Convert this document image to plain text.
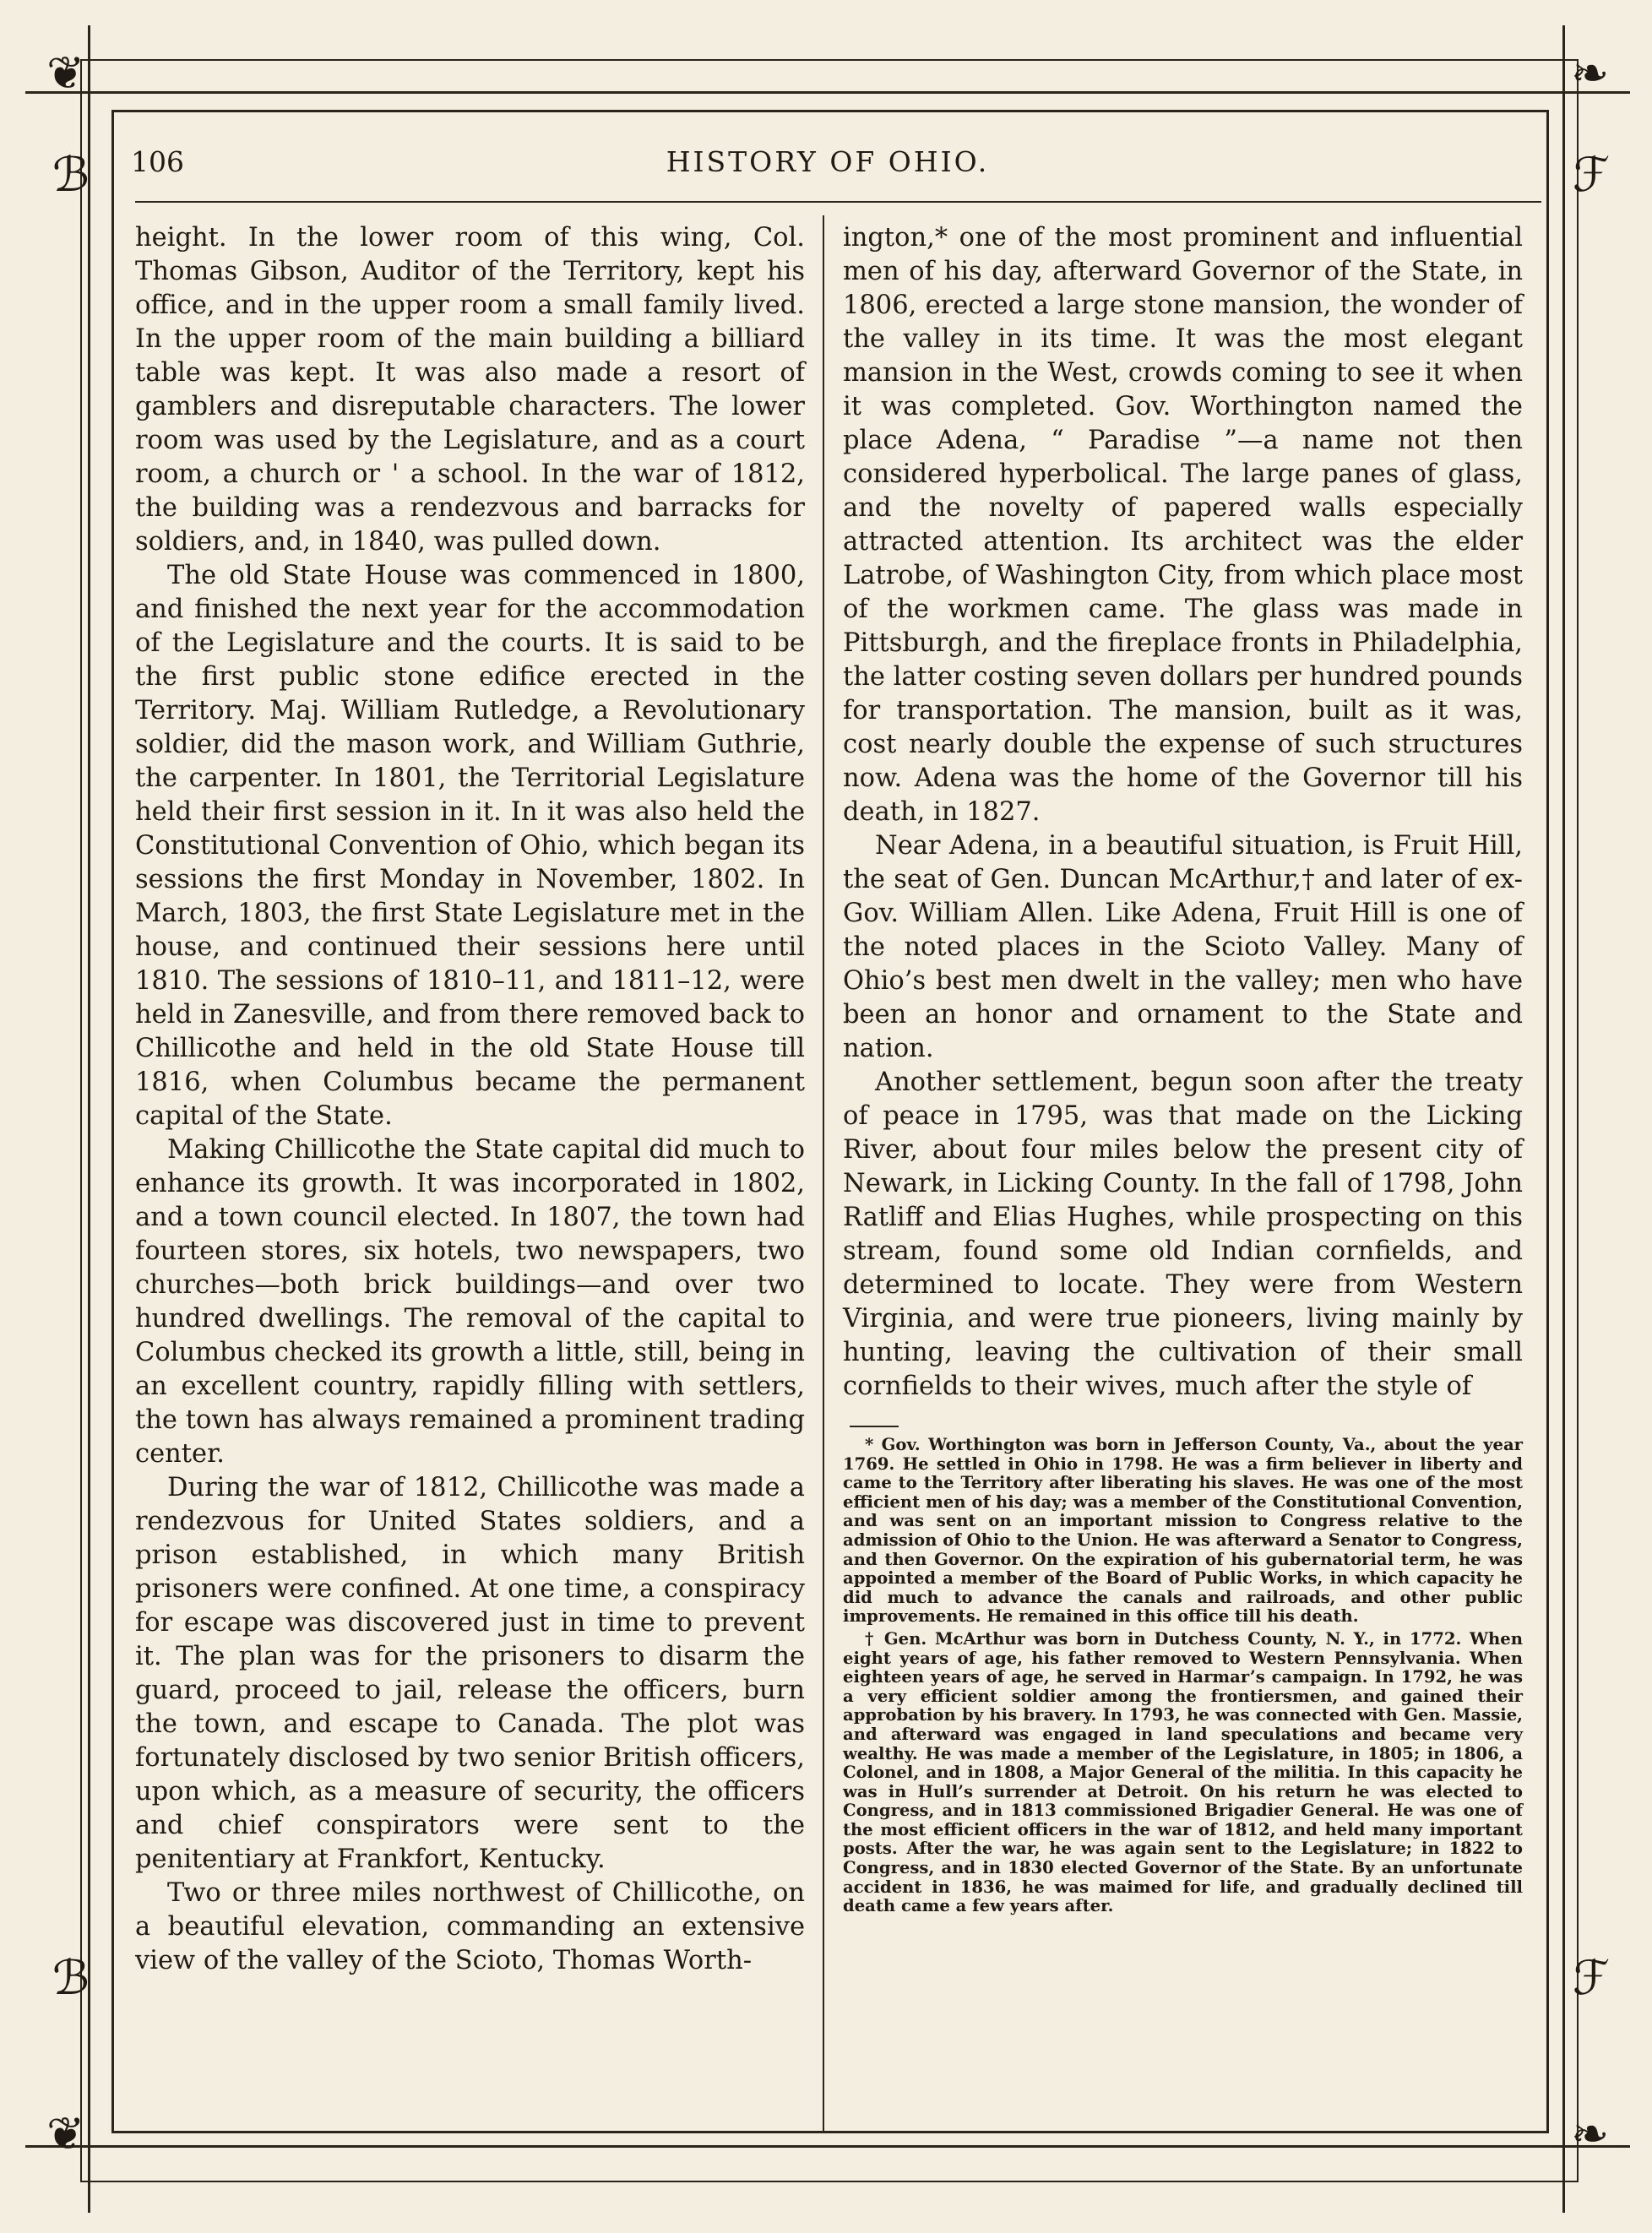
❦	❧
❦	❧
ℬ
ℬ
ℱ
ℱ
106	HISTORY OF OHIO.

height. In the lower room of this wing, Col. Thomas Gibson, Auditor of the Territory, kept his office, and in the upper room a small family lived. In the upper room of the main building a billiard table was kept. It was also made a resort of gamblers and disreputable characters. The lower room was used by the Legislature, and as a court room, a church or ' a school. In the war of 1812, the building was a rendezvous and barracks for soldiers, and, in 1840, was pulled down.

The old State House was commenced in 1800, and finished the next year for the accommodation of the Legislature and the courts. It is said to be the first public stone edifice erected in the Territory. Maj. William Rutledge, a Revolutionary soldier, did the mason work, and William Guthrie, the carpenter. In 1801, the Territorial Legislature held their first session in it. In it was also held the Constitutional Convention of Ohio, which began its sessions the first Monday in November, 1802. In March, 1803, the first State Legislature met in the house, and continued their sessions here until 1810. The sessions of 1810–11, and 1811–12, were held in Zanesville, and from there removed back to Chillicothe and held in the old State House till 1816, when Columbus became the permanent capital of the State.

Making Chillicothe the State capital did much to enhance its growth. It was incorporated in 1802, and a town council elected. In 1807, the town had fourteen stores, six hotels, two newspapers, two churches—both brick buildings—and over two hundred dwellings. The removal of the capital to Columbus checked its growth a little, still, being in an excellent country, rapidly filling with settlers, the town has always remained a prominent trading center.

During the war of 1812, Chillicothe was made a rendezvous for United States soldiers, and a prison established, in which many British prisoners were confined. At one time, a conspiracy for escape was discovered just in time to prevent it. The plan was for the prisoners to disarm the guard, proceed to jail, release the officers, burn the town, and escape to Canada. The plot was fortunately disclosed by two senior British officers, upon which, as a measure of security, the officers and chief conspirators were sent to the penitentiary at Frankfort, Kentucky.

Two or three miles northwest of Chillicothe, on a beautiful elevation, commanding an extensive view of the valley of the Scioto, Thomas Worth-

ington,* one of the most prominent and influential men of his day, afterward Governor of the State, in 1806, erected a large stone mansion, the wonder of the valley in its time. It was the most elegant mansion in the West, crowds coming to see it when it was completed. Gov. Worthington named the place Adena, “ Paradise ”—a name not then considered hyperbolical. The large panes of glass, and the novelty of papered walls especially attracted attention. Its architect was the elder Latrobe, of Washington City, from which place most of the workmen came. The glass was made in Pittsburgh, and the fireplace fronts in Philadelphia, the latter costing seven dollars per hundred pounds for transportation. The mansion, built as it was, cost nearly double the expense of such structures now. Adena was the home of the Governor till his death, in 1827.

Near Adena, in a beautiful situation, is Fruit Hill, the seat of Gen. Duncan McArthur,† and later of ex-Gov. William Allen. Like Adena, Fruit Hill is one of the noted places in the Scioto Valley. Many of Ohio’s best men dwelt in the valley; men who have been an honor and ornament to the State and nation.

Another settlement, begun soon after the treaty of peace in 1795, was that made on the Licking River, about four miles below the present city of Newark, in Licking County. In the fall of 1798, John Ratliff and Elias Hughes, while prospecting on this stream, found some old Indian cornfields, and determined to locate. They were from Western Virginia, and were true pioneers, living mainly by hunting, leaving the cultivation of their small cornfields to their wives, much after the style of

* Gov. Worthington was born in Jefferson County, Va., about the year 1769. He settled in Ohio in 1798. He was a firm believer in liberty and came to the Territory after liberating his slaves. He was one of the most efficient men of his day; was a member of the Constitutional Convention, and was sent on an important mission to Congress relative to the admission of Ohio to the Union. He was afterward a Senator to Congress, and then Governor. On the expiration of his gubernatorial term, he was appointed a member of the Board of Public Works, in which capacity he did much to advance the canals and railroads, and other public improvements. He remained in this office till his death.

† Gen. McArthur was born in Dutchess County, N. Y., in 1772. When eight years of age, his father removed to Western Pennsylvania. When eighteen years of age, he served in Harmar’s campaign. In 1792, he was a very efficient soldier among the frontiersmen, and gained their approbation by his bravery. In 1793, he was connected with Gen. Massie, and afterward was engaged in land speculations and became very wealthy. He was made a member of the Legislature, in 1805; in 1806, a Colonel, and in 1808, a Major General of the militia. In this capacity he was in Hull’s surrender at Detroit. On his return he was elected to Congress, and in 1813 commissioned Brigadier General. He was one of the most efficient officers in the war of 1812, and held many important posts. After the war, he was again sent to the Legislature; in 1822 to Congress, and in 1830 elected Governor of the State. By an unfortunate accident in 1836, he was maimed for life, and gradually declined till death came a few years after.
